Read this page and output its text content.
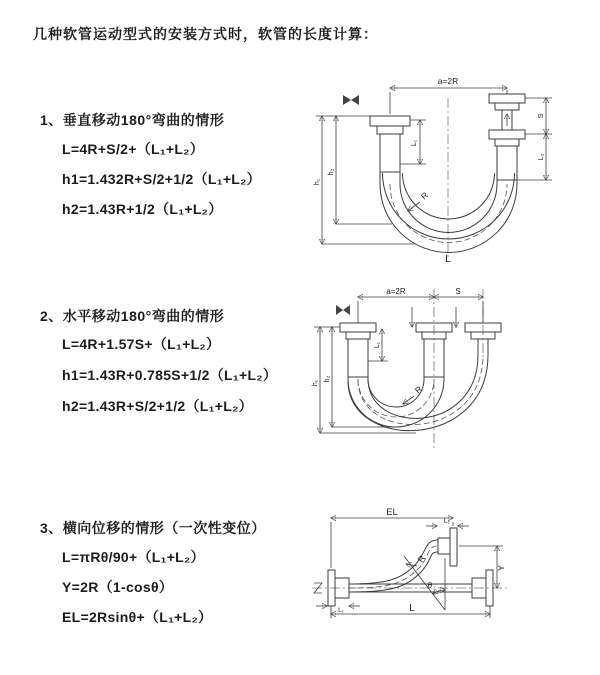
几种软管运动型式的安装方式时，软管的长度计算：
1、垂直移动180°弯曲的情形
L=4R+S/2+（L₁+L₂）
h1=1.432R+S/2+1/2（L₁+L₂）
h2=1.43R+1/2（L₁+L₂）
a=2R
L₁
S
L₂
h₁
h₂
R
L
2、水平移动180°弯曲的情形
L=4R+1.57S+（L₁+L₂）
h1=1.43R+0.785S+1/2（L₁+L₂）
h2=1.43R+S/2+1/2（L₁+L₂）
a=2R	S
L₁
h₁
h₂
R
3、横向位移的情形（一次性变位）
L=πRθ/90+（L₁+L₂）
Y=2R（1-cosθ）
EL=2Rsinθ+（L₁+L₂）
EL
L₂
Y
L
L₁
R
θ
